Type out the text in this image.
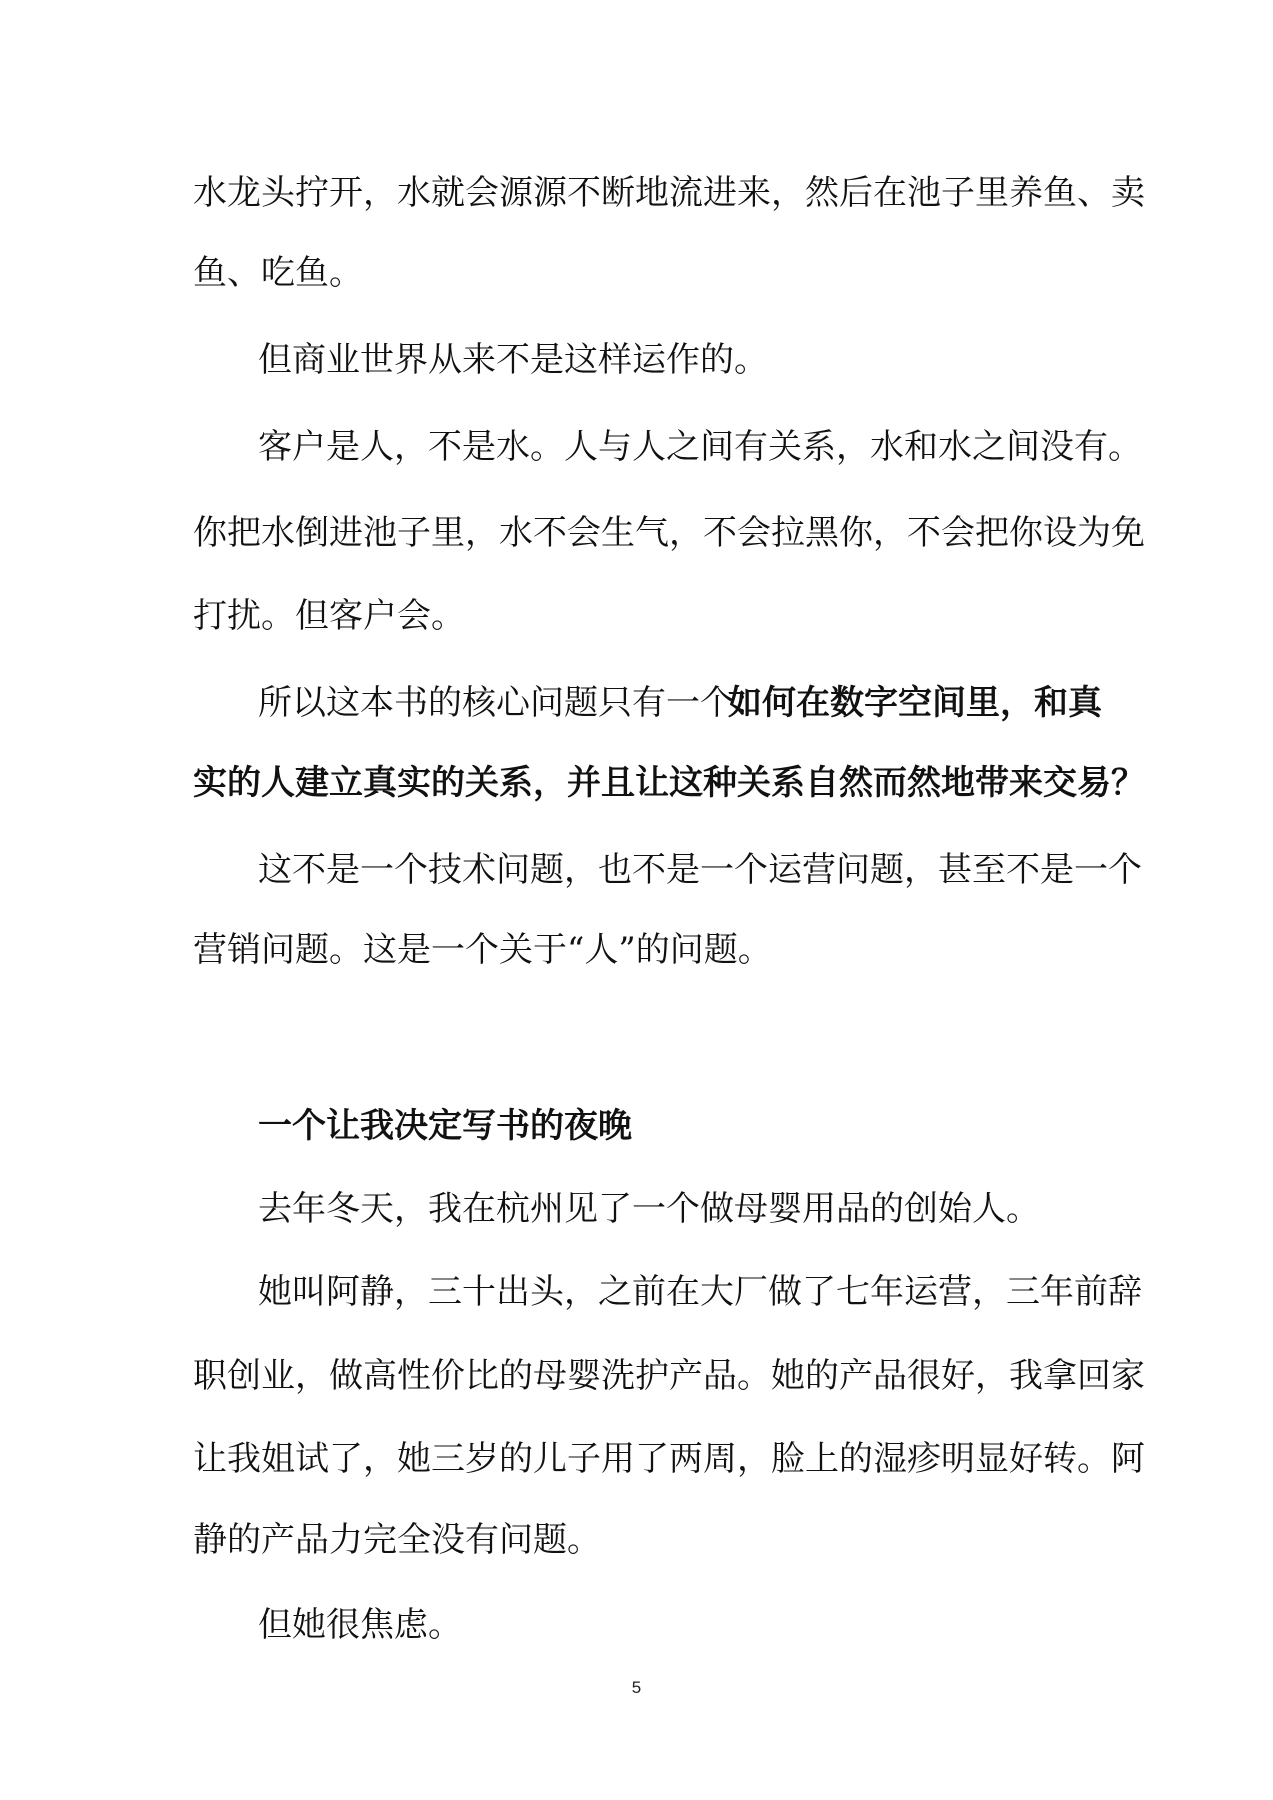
水龙头拧开，水就会源源不断地流进来，然后在池子里养鱼、卖
鱼、吃鱼。
但商业世界从来不是这样运作的。
客户是人，不是水。人与人之间有关系，水和水之间没有。
你把水倒进池子里，水不会生气，不会拉黑你，不会把你设为免
打扰。但客户会。
所以这本书的核心问题只有一个：
如何在数字空间里，和真
实的人建立真实的关系，并且让这种关系自然而然地带来交易？
这不是一个技术问题，也不是一个运营问题，甚至不是一个
营销问题。这是一个关于“人”的问题。
一个让我决定写书的夜晚
去年冬天，我在杭州见了一个做母婴用品的创始人。
她叫阿静，三十出头，之前在大厂做了七年运营，三年前辞
职创业，做高性价比的母婴洗护产品。她的产品很好，我拿回家
让我姐试了，她三岁的儿子用了两周，脸上的湿疹明显好转。阿
静的产品力完全没有问题。
但她很焦虑。
5
